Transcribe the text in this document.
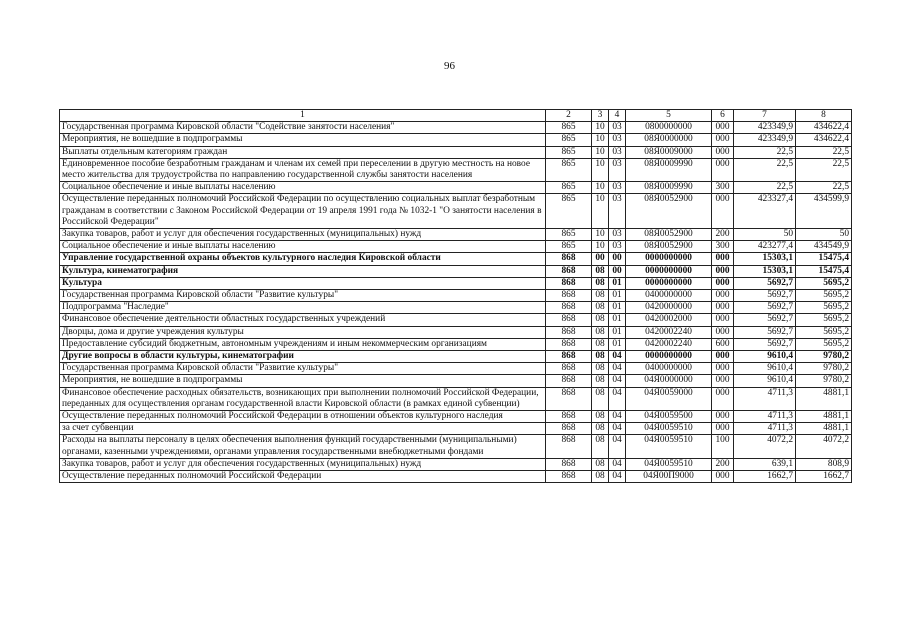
96
1	2	3	4	5	6	7	8
Государственная программа Кировской области "Содействие занятости населения"	865	10	03	0800000000	000	423349,9	434622,4
Мероприятия, не вошедшие в подпрограммы	865	10	03	08Я0000000	000	423349,9	434622,4
Выплаты отдельным категориям граждан	865	10	03	08Я0009000	000	22,5	22,5
Единовременное пособие безработным гражданам и членам их семей при переселении в другую местность на новое место жительства для трудоустройства по направлению государственной службы занятости населения	865	10	03	08Я0009990	000	22,5	22,5
Социальное обеспечение и иные выплаты населению	865	10	03	08Я0009990	300	22,5	22,5
Осуществление переданных полномочий Российской Федерации по осуществлению социальных выплат безработным гражданам в соответствии с Законом Российской Федерации от 19 апреля 1991 года № 1032-1 "О занятости населения в Российской Федерации"	865	10	03	08Я0052900	000	423327,4	434599,9
Закупка товаров, работ и услуг для обеспечения государственных (муниципальных) нужд	865	10	03	08Я0052900	200	50	50
Социальное обеспечение и иные выплаты населению	865	10	03	08Я0052900	300	423277,4	434549,9
Управление государственной охраны объектов культурного наследия Кировской области	868	00	00	0000000000	000	15303,1	15475,4
Культура, кинематография	868	08	00	0000000000	000	15303,1	15475,4
Культура	868	08	01	0000000000	000	5692,7	5695,2
Государственная программа Кировской области "Развитие культуры"	868	08	01	0400000000	000	5692,7	5695,2
Подпрограмма "Наследие"	868	08	01	0420000000	000	5692,7	5695,2
Финансовое обеспечение деятельности областных государственных учреждений	868	08	01	0420002000	000	5692,7	5695,2
Дворцы, дома и другие учреждения культуры	868	08	01	0420002240	000	5692,7	5695,2
Предоставление субсидий бюджетным, автономным учреждениям и иным некоммерческим организациям	868	08	01	0420002240	600	5692,7	5695,2
Другие вопросы в области культуры, кинематографии	868	08	04	0000000000	000	9610,4	9780,2
Государственная программа Кировской области "Развитие культуры"	868	08	04	0400000000	000	9610,4	9780,2
Мероприятия, не вошедшие в подпрограммы	868	08	04	04Я0000000	000	9610,4	9780,2
Финансовое обеспечение расходных обязательств, возникающих при выполнении полномочий Российской Федерации, переданных для осуществления органам государственной власти Кировской области (в рамках единой субвенции)	868	08	04	04Я0059000	000	4711,3	4881,1
Осуществление переданных полномочий Российской Федерации в отношении объектов культурного наследия	868	08	04	04Я0059500	000	4711,3	4881,1
за счет субвенции	868	08	04	04Я0059510	000	4711,3	4881,1
Расходы на выплаты персоналу в целях обеспечения выполнения функций государственными (муниципальными) органами, казенными учреждениями, органами управления государственными внебюджетными фондами	868	08	04	04Я0059510	100	4072,2	4072,2
Закупка товаров, работ и услуг для обеспечения государственных (муниципальных) нужд	868	08	04	04Я0059510	200	639,1	808,9
Осуществление переданных полномочий Российской Федерации	868	08	04	04Я00П9000	000	1662,7	1662,7
